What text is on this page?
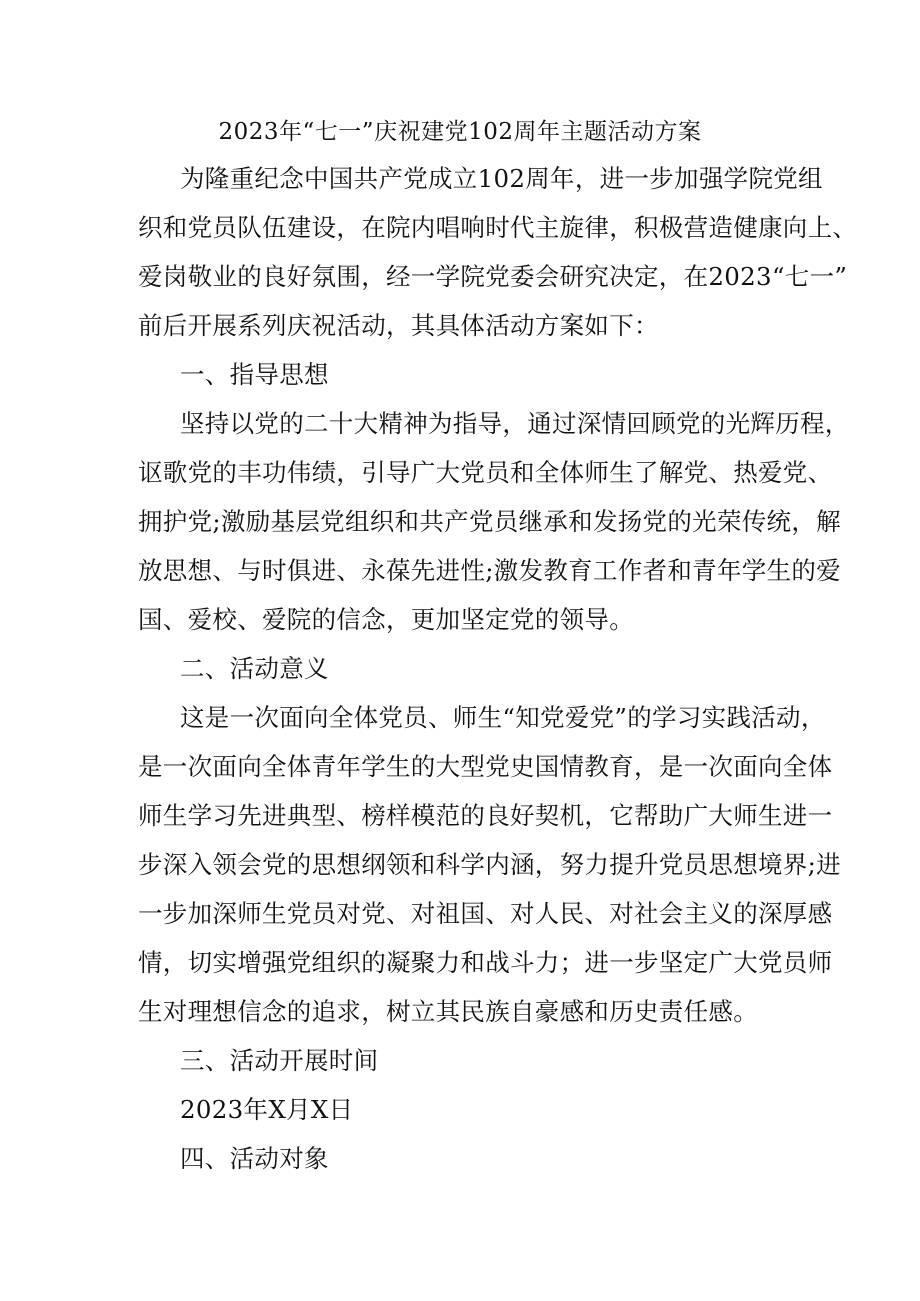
2023年“七一”庆祝建党102周年主题活动方案
为隆重纪念中国共产党成立102周年，进一步加强学院党组
织和党员队伍建设，在院内唱响时代主旋律，积极营造健康向上、
爱岗敬业的良好氛围，经一学院党委会研究决定，在2023“七一”
前后开展系列庆祝活动，其具体活动方案如下：
一、指导思想
坚持以党的二十大精神为指导，通过深情回顾党的光辉历程，
讴歌党的丰功伟绩，引导广大党员和全体师生了解党、热爱党、
拥护党;激励基层党组织和共产党员继承和发扬党的光荣传统，解
放思想、与时俱进、永葆先进性;激发教育工作者和青年学生的爱
国、爱校、爱院的信念，更加坚定党的领导。
二、活动意义
这是一次面向全体党员、师生“知党爱党”的学习实践活动，
是一次面向全体青年学生的大型党史国情教育，是一次面向全体
师生学习先进典型、榜样模范的良好契机，它帮助广大师生进一
步深入领会党的思想纲领和科学内涵，努力提升党员思想境界;进
一步加深师生党员对党、对祖国、对人民、对社会主义的深厚感
情，切实增强党组织的凝聚力和战斗力；进一步坚定广大党员师
生对理想信念的追求，树立其民族自豪感和历史责任感。
三、活动开展时间
2023年X月X日
四、活动对象
